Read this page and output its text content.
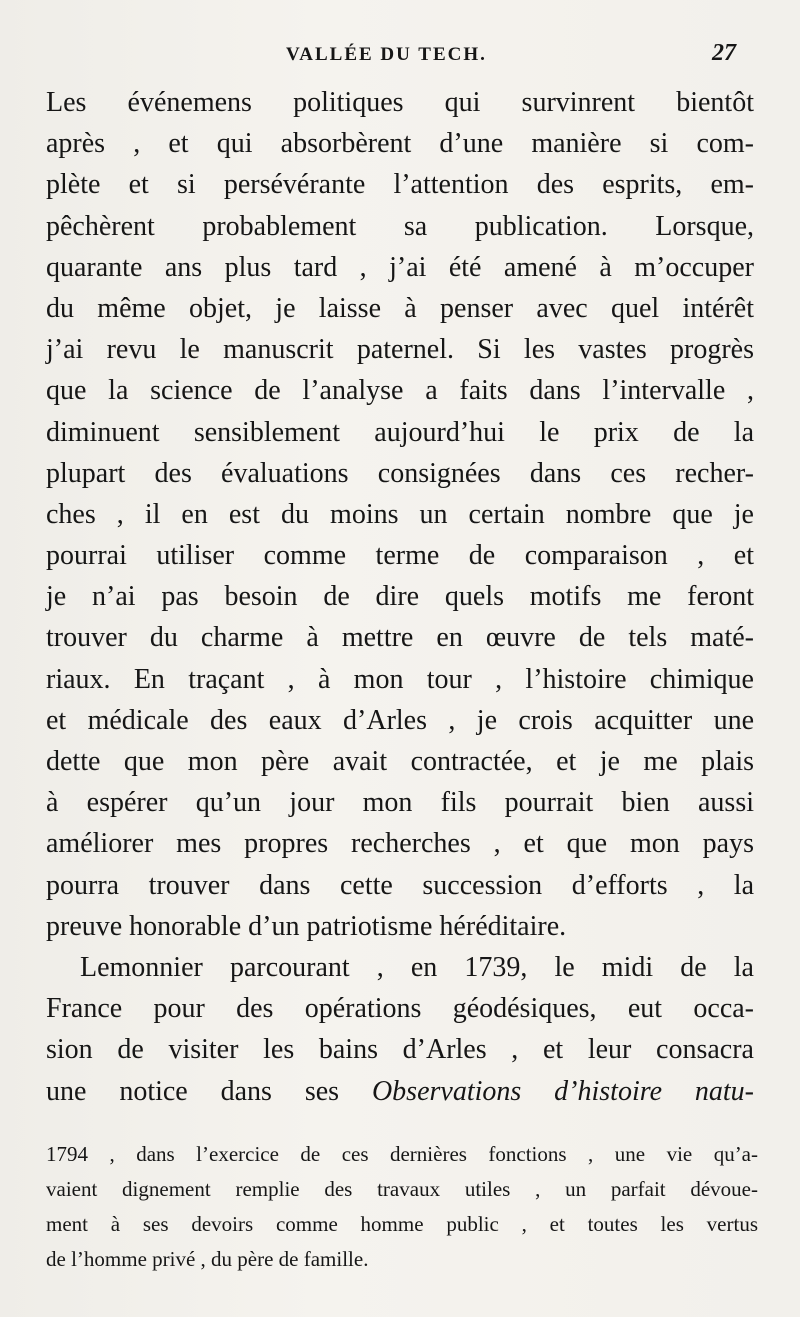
VALLÉE DU TECH.	27
Les événemens politiques qui survinrent bientôt
après , et qui absorbèrent d’une manière si com-
plète et si persévérante l’attention des esprits, em-
pêchèrent probablement sa publication. Lorsque,
quarante ans plus tard , j’ai été amené à m’occuper
du même objet, je laisse à penser avec quel intérêt
j’ai revu le manuscrit paternel. Si les vastes progrès
que la science de l’analyse a faits dans l’intervalle ,
diminuent sensiblement aujourd’hui le prix de la
plupart des évaluations consignées dans ces recher-
ches , il en est du moins un certain nombre que je
pourrai utiliser comme terme de comparaison , et
je n’ai pas besoin de dire quels motifs me feront
trouver du charme à mettre en œuvre de tels maté-
riaux. En traçant , à mon tour , l’histoire chimique
et médicale des eaux d’Arles , je crois acquitter une
dette que mon père avait contractée, et je me plais
à espérer qu’un jour mon fils pourrait bien aussi
améliorer mes propres recherches , et que mon pays
pourra trouver dans cette succession d’efforts , la
preuve honorable d’un patriotisme héréditaire.
Lemonnier parcourant , en 1739, le midi de la
France pour des opérations géodésiques, eut occa-
sion de visiter les bains d’Arles , et leur consacra
une notice dans ses Observations d’histoire natu-
1794 , dans l’exercice de ces dernières fonctions , une vie qu’a-
vaient dignement remplie des travaux utiles , un parfait dévoue-
ment à ses devoirs comme homme public , et toutes les vertus
de l’homme privé , du père de famille.
